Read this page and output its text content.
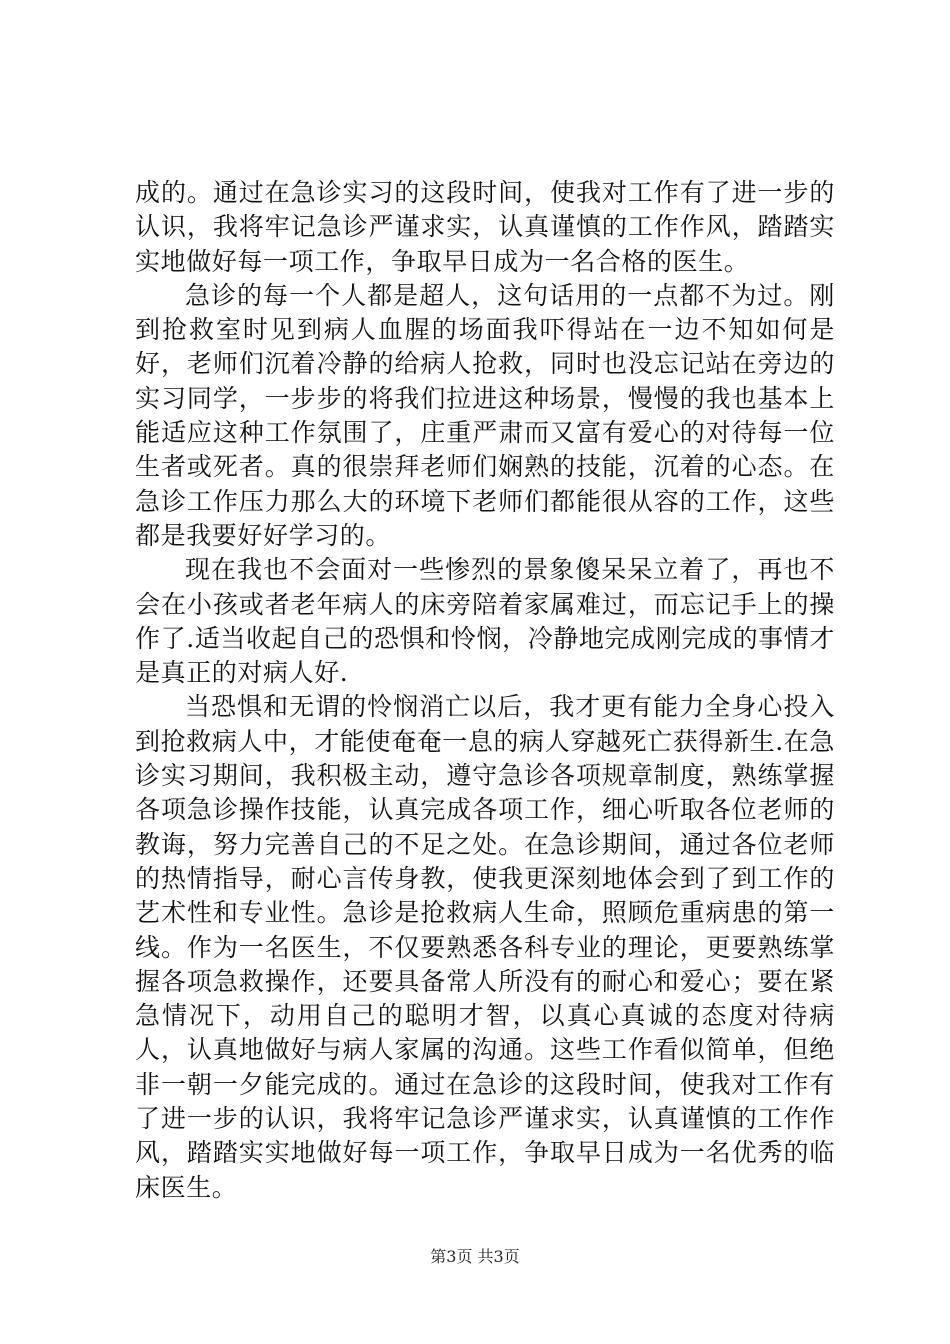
成的。通过在急诊实习的这段时间，使我对工作有了进一步的认识，我将牢记急诊严谨求实，认真谨慎的工作作风，踏踏实实地做好每一项工作，争取早日成为一名合格的医生。

急诊的每一个人都是超人，这句话用的一点都不为过。刚到抢救室时见到病人血腥的场面我吓得站在一边不知如何是好，老师们沉着冷静的给病人抢救，同时也没忘记站在旁边的实习同学，一步步的将我们拉进这种场景，慢慢的我也基本上能适应这种工作氛围了，庄重严肃而又富有爱心的对待每一位生者或死者。真的很崇拜老师们娴熟的技能，沉着的心态。在急诊工作压力那么大的环境下老师们都能很从容的工作，这些都是我要好好学习的。

现在我也不会面对一些惨烈的景象傻呆呆立着了，再也不会在小孩或者老年病人的床旁陪着家属难过，而忘记手上的操作了.适当收起自己的恐惧和怜悯，冷静地完成刚完成的事情才是真正的对病人好.

当恐惧和无谓的怜悯消亡以后，我才更有能力全身心投入到抢救病人中，才能使奄奄一息的病人穿越死亡获得新生.在急诊实习期间，我积极主动，遵守急诊各项规章制度，熟练掌握各项急诊操作技能，认真完成各项工作，细心听取各位老师的教诲，努力完善自己的不足之处。在急诊期间，通过各位老师的热情指导，耐心言传身教，使我更深刻地体会到了到工作的艺术性和专业性。急诊是抢救病人生命，照顾危重病患的第一线。作为一名医生，不仅要熟悉各科专业的理论，更要熟练掌握各项急救操作，还要具备常人所没有的耐心和爱心；要在紧急情况下，动用自己的聪明才智，以真心真诚的态度对待病人，认真地做好与病人家属的沟通。这些工作看似简单，但绝非一朝一夕能完成的。通过在急诊的这段时间，使我对工作有了进一步的认识，我将牢记急诊严谨求实，认真谨慎的工作作风，踏踏实实地做好每一项工作，争取早日成为一名优秀的临床医生。

第3页 共3页
